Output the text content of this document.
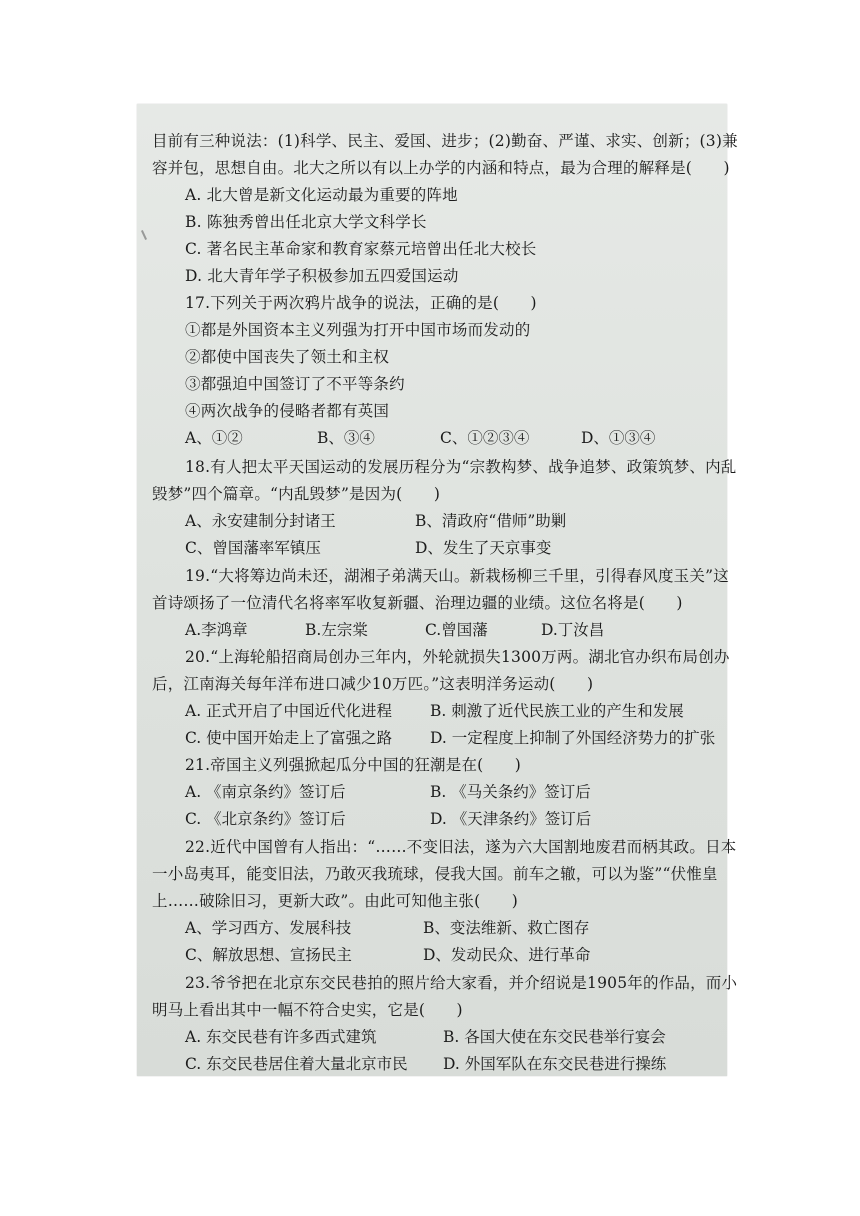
目前有三种说法：(1)科学、民主、爱国、进步；(2)勤奋、严谨、求实、创新；(3)兼
容并包，思想自由。北大之所以有以上办学的内涵和特点，最为合理的解释是(　　)
A. 北大曾是新文化运动最为重要的阵地
B. 陈独秀曾出任北京大学文科学长
C. 著名民主革命家和教育家蔡元培曾出任北大校长
D. 北大青年学子积极参加五四爱国运动
17.下列关于两次鸦片战争的说法，正确的是(　　)
①都是外国资本主义列强为打开中国市场而发动的
②都使中国丧失了领土和主权
③都强迫中国签订了不平等条约
④两次战争的侵略者都有英国
A、①②	B、③④	C、①②③④	D、①③④
18.有人把太平天国运动的发展历程分为“宗教构梦、战争追梦、政策筑梦、内乱
毁梦”四个篇章。“内乱毁梦”是因为(　　)
A、永安建制分封诸王	B、清政府“借师”助剿
C、曾国藩率军镇压	D、发生了天京事变
19.“大将筹边尚未还，湖湘子弟满天山。新栽杨柳三千里，引得春风度玉关”这
首诗颂扬了一位清代名将率军收复新疆、治理边疆的业绩。这位名将是(　　)
A.李鸿章	B.左宗棠	C.曾国藩	D.丁汝昌
20.“上海轮船招商局创办三年内，外轮就损失1300万两。湖北官办织布局创办
后，江南海关每年洋布进口减少10万匹。”这表明洋务运动(　　)
A. 正式开启了中国近代化进程 B. 刺激了近代民族工业的产生和发展
C. 使中国开始走上了富强之路 D. 一定程度上抑制了外国经济势力的扩张
21.帝国主义列强掀起瓜分中国的狂潮是在(　　)
A. 《南京条约》签订后	B. 《马关条约》签订后
C. 《北京条约》签订后	D. 《天津条约》签订后
22.近代中国曾有人指出：“……不变旧法，遂为六大国割地废君而柄其政。日本
一小岛夷耳，能变旧法，乃敢灭我琉球，侵我大国。前车之辙，可以为鉴”“伏惟皇
上……破除旧习，更新大政”。由此可知他主张(　　)
A、学习西方、发展科技	B、变法维新、救亡图存
C、解放思想、宣扬民主	D、发动民众、进行革命
23.爷爷把在北京东交民巷拍的照片给大家看，并介绍说是1905年的作品，而小
明马上看出其中一幅不符合史实，它是(　　)
A. 东交民巷有许多西式建筑	B. 各国大使在东交民巷举行宴会
C. 东交民巷居住着大量北京市民 D. 外国军队在东交民巷进行操练
